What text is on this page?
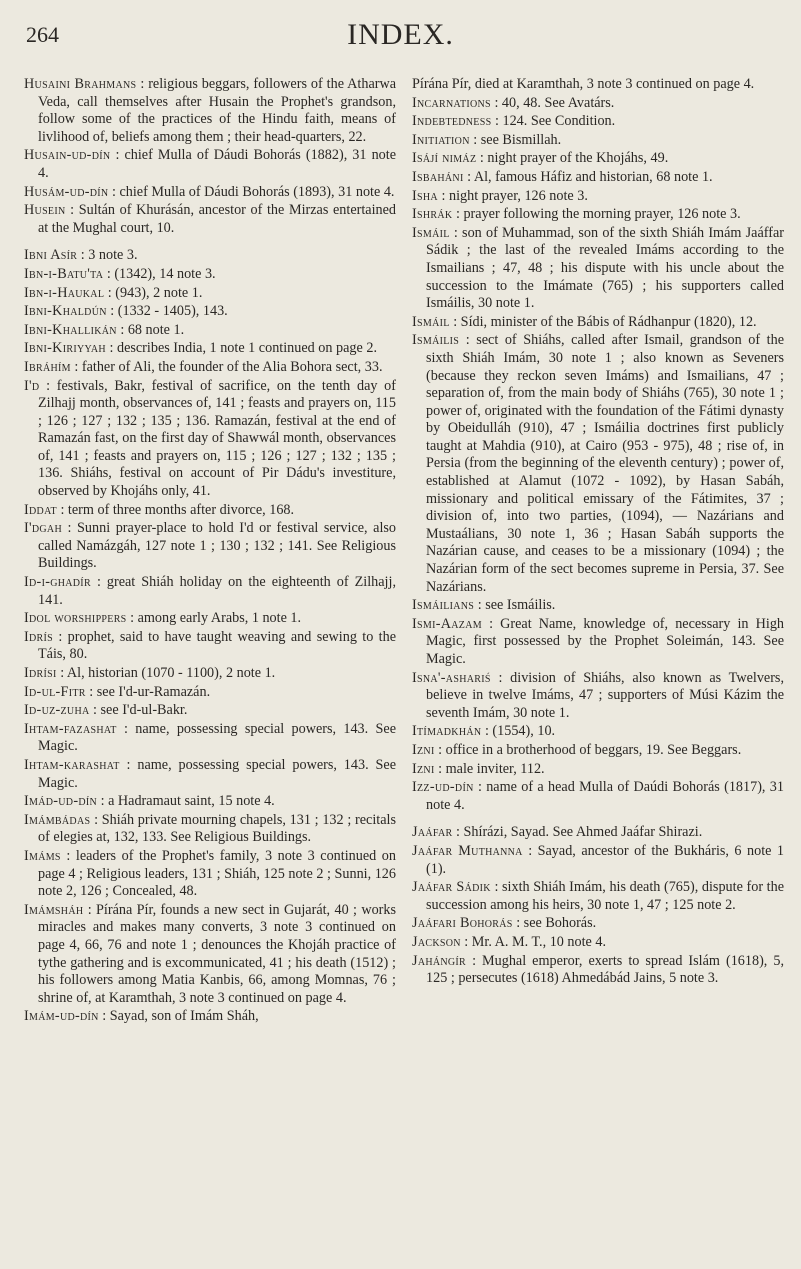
264	INDEX.

Husaini Brahmans : religious beggars, followers of the Atharwa Veda, call themselves after Husain the Prophet's grandson, follow some of the practices of the Hindu faith, means of livlihood of, beliefs among them ; their head-quarters, 22.

Husain-ud-dín : chief Mulla of Dáudi Bohorás (1882), 31 note 4.

Husám-ud-dín : chief Mulla of Dáudi Bohorás (1893), 31 note 4.

Husein : Sultán of Khurásán, ancestor of the Mirzas entertained at the Mughal court, 10.

Ibni Asír : 3 note 3.

Ibn-i-Batu'ta : (1342), 14 note 3.

Ibn-i-Haukal : (943), 2 note 1.

Ibni-Khaldún : (1332 - 1405), 143.

Ibni-Khallikán : 68 note 1.

Ibni-Kiriyyah : describes India, 1 note 1 continued on page 2.

Ibráhím : father of Ali, the founder of the Alia Bohora sect, 33.

I'd : festivals, Bakr, festival of sacrifice, on the tenth day of Zilhajj month, observances of, 141 ; feasts and prayers on, 115 ; 126 ; 127 ; 132 ; 135 ; 136. Ramazán, festival at the end of Ramazán fast, on the first day of Shawwál month, observances of, 141 ; feasts and prayers on, 115 ; 126 ; 127 ; 132 ; 135 ; 136. Shiáhs, festival on account of Pir Dádu's investiture, observed by Khojáhs only, 41.

Iddat : term of three months after divorce, 168.

I'dgah : Sunni prayer-place to hold I'd or festival service, also called Namázgáh, 127 note 1 ; 130 ; 132 ; 141. See Religious Buildings.

Id-i-ghadír : great Shiáh holiday on the eighteenth of Zilhajj, 141.

Idol worshippers : among early Arabs, 1 note 1.

Idrís : prophet, said to have taught weaving and sewing to the Táis, 80.

Idrísi : Al, historian (1070 - 1100), 2 note 1.

Id-ul-Fitr : see I'd-ur-Ramazán.

Id-uz-zuha : see I'd-ul-Bakr.

Ihtam-fazashat : name, possessing special powers, 143. See Magic.

Ihtam-karashat : name, possessing special powers, 143. See Magic.

Imád-ud-dín : a Hadramaut saint, 15 note 4.

Imámbádas : Shiáh private mourning chapels, 131 ; 132 ; recitals of elegies at, 132, 133. See Religious Buildings.

Imáms : leaders of the Prophet's family, 3 note 3 continued on page 4 ; Religious leaders, 131 ; Shiáh, 125 note 2 ; Sunni, 126 note 2, 126 ; Concealed, 48.

Imámsháh : Pírána Pír, founds a new sect in Gujarát, 40 ; works miracles and makes many converts, 3 note 3 continued on page 4, 66, 76 and note 1 ; denounces the Khojáh practice of tythe gathering and is excommunicated, 41 ; his death (1512) ; his followers among Matia Kanbis, 66, among Momnas, 76 ; shrine of, at Karamthah, 3 note 3 continued on page 4.

Imám-ud-dín : Sayad, son of Imám Sháh,

Pírána Pír, died at Karamthah, 3 note 3 continued on page 4.

Incarnations : 40, 48. See Avatárs.

Indebtedness : 124. See Condition.

Initiation : see Bismillah.

Isájí nimáz : night prayer of the Khojáhs, 49.

Isbaháni : Al, famous Háfiz and historian, 68 note 1.

Isha : night prayer, 126 note 3.

Ishrák : prayer following the morning prayer, 126 note 3.

Ismáil : son of Muhammad, son of the sixth Shiáh Imám Jaáffar Sádik ; the last of the revealed Imáms according to the Ismailians ; 47, 48 ; his dispute with his uncle about the succession to the Imámate (765) ; his supporters called Ismáilis, 30 note 1.

Ismáil : Sídi, minister of the Bábis of Rádhanpur (1820), 12.

Ismáilis : sect of Shiáhs, called after Ismail, grandson of the sixth Shiáh Imám, 30 note 1 ; also known as Seveners (because they reckon seven Imáms) and Ismailians, 47 ; separation of, from the main body of Shiáhs (765), 30 note 1 ; power of, originated with the foundation of the Fátimi dynasty by Obeidulláh (910), 47 ; Ismáilia doctrines first publicly taught at Mahdia (910), at Cairo (953 - 975), 48 ; rise of, in Persia (from the beginning of the eleventh century) ; power of, established at Alamut (1072 - 1092), by Hasan Sabáh, missionary and political emissary of the Fátimites, 37 ; division of, into two parties, (1094), — Nazárians and Mustaálians, 30 note 1, 36 ; Hasan Sabáh supports the Nazárian cause, and ceases to be a missionary (1094) ; the Nazárian form of the sect becomes supreme in Persia, 37. See Nazárians.

Ismáilians : see Ismáilis.

Ismi-Aazam : Great Name, knowledge of, necessary in High Magic, first possessed by the Prophet Soleimán, 143. See Magic.

Isna'-ashariś : division of Shiáhs, also known as Twelvers, believe in twelve Imáms, 47 ; supporters of Músi Kázim the seventh Imám, 30 note 1.

Itímadkhán : (1554), 10.

Izni : office in a brotherhood of beggars, 19. See Beggars.

Izni : male inviter, 112.

Izz-ud-dín : name of a head Mulla of Daúdi Bohorás (1817), 31 note 4.

Jaáfar : Shírázi, Sayad. See Ahmed Jaáfar Shirazi.

Jaáfar Muthanna : Sayad, ancestor of the Bukháris, 6 note 1 (1).

Jaáfar Sádik : sixth Shiáh Imám, his death (765), dispute for the succession among his heirs, 30 note 1, 47 ; 125 note 2.

Jaáfari Bohorás : see Bohorás.

Jackson : Mr. A. M. T., 10 note 4.

Jahángír : Mughal emperor, exerts to spread Islám (1618), 5, 125 ; persecutes (1618) Ahmedábád Jains, 5 note 3.
